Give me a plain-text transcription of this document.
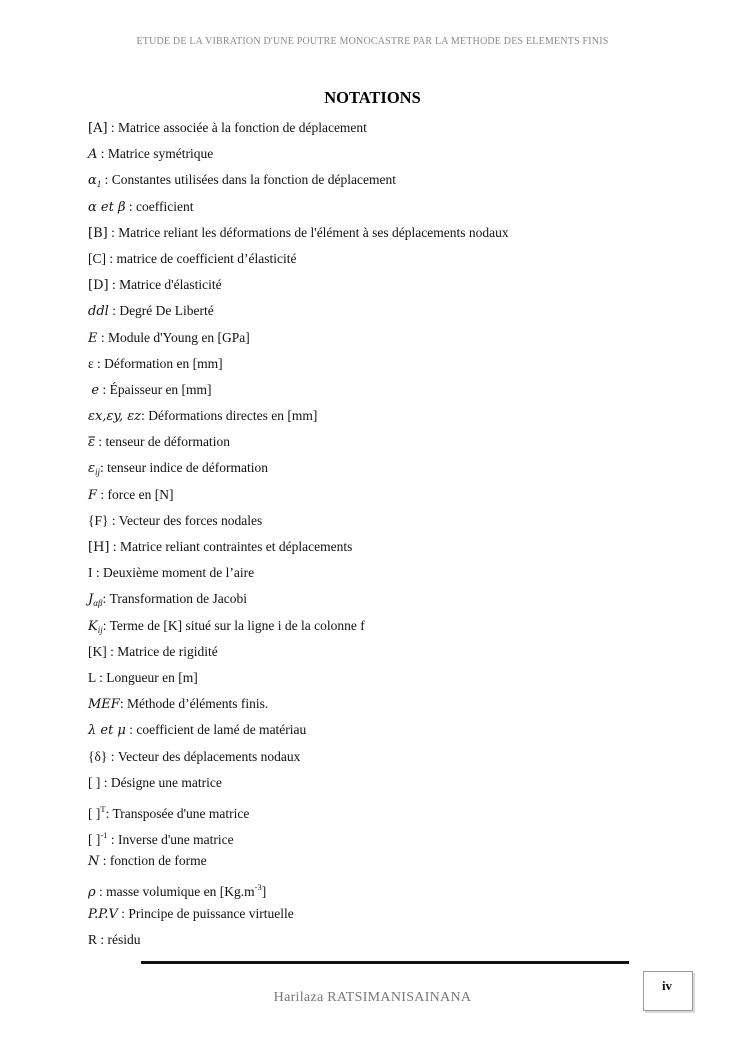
ETUDE DE LA VIBRATION D'UNE POUTRE MONOCASTRE PAR LA METHODE DES ELEMENTS FINIS
NOTATIONS
[A] : Matrice associée à la fonction de déplacement
A : Matrice symétrique
$\alpha_1$ : Constantes utilisées dans la fonction de déplacement
α et β : coefficient
[B] : Matrice reliant les déformations de l'élément à ses déplacements nodaux
[C] : matrice de coefficient d’élasticité
[D] : Matrice d'élasticité
ddl : Degré De Liberté
E : Module d'Young en [GPa]
ε : Déformation en [mm]
e : Épaisseur en [mm]
εx,εy, εz: Déformations directes en [mm]
ε̿ : tenseur de déformation
$\varepsilon_{ij}$: tenseur indice de déformation
F : force en [N]
{F} : Vecteur des forces nodales
[H] : Matrice reliant contraintes et déplacements
I : Deuxième moment de l’aire
$J_{\alpha\beta}$: Transformation de Jacobi
$K_{ij}$: Terme de [K] situé sur la ligne i de la colonne f
[K] : Matrice de rigidité
L : Longueur en [m]
MEF: Méthode d’éléments finis.
λ et μ : coefficient de lamé de matériau
{δ} : Vecteur des déplacements nodaux
[ ] : Désigne une matrice
[ ]$^T$: Transposée d'une matrice
[ ]$^{-1}$ : Inverse d'une matrice
N : fonction de forme
ρ : masse volumique en $[Kg.m^{-3}]$
P.P.V : Principe de puissance virtuelle
R : résidu
iv
Harilaza RATSIMANISAINANA
